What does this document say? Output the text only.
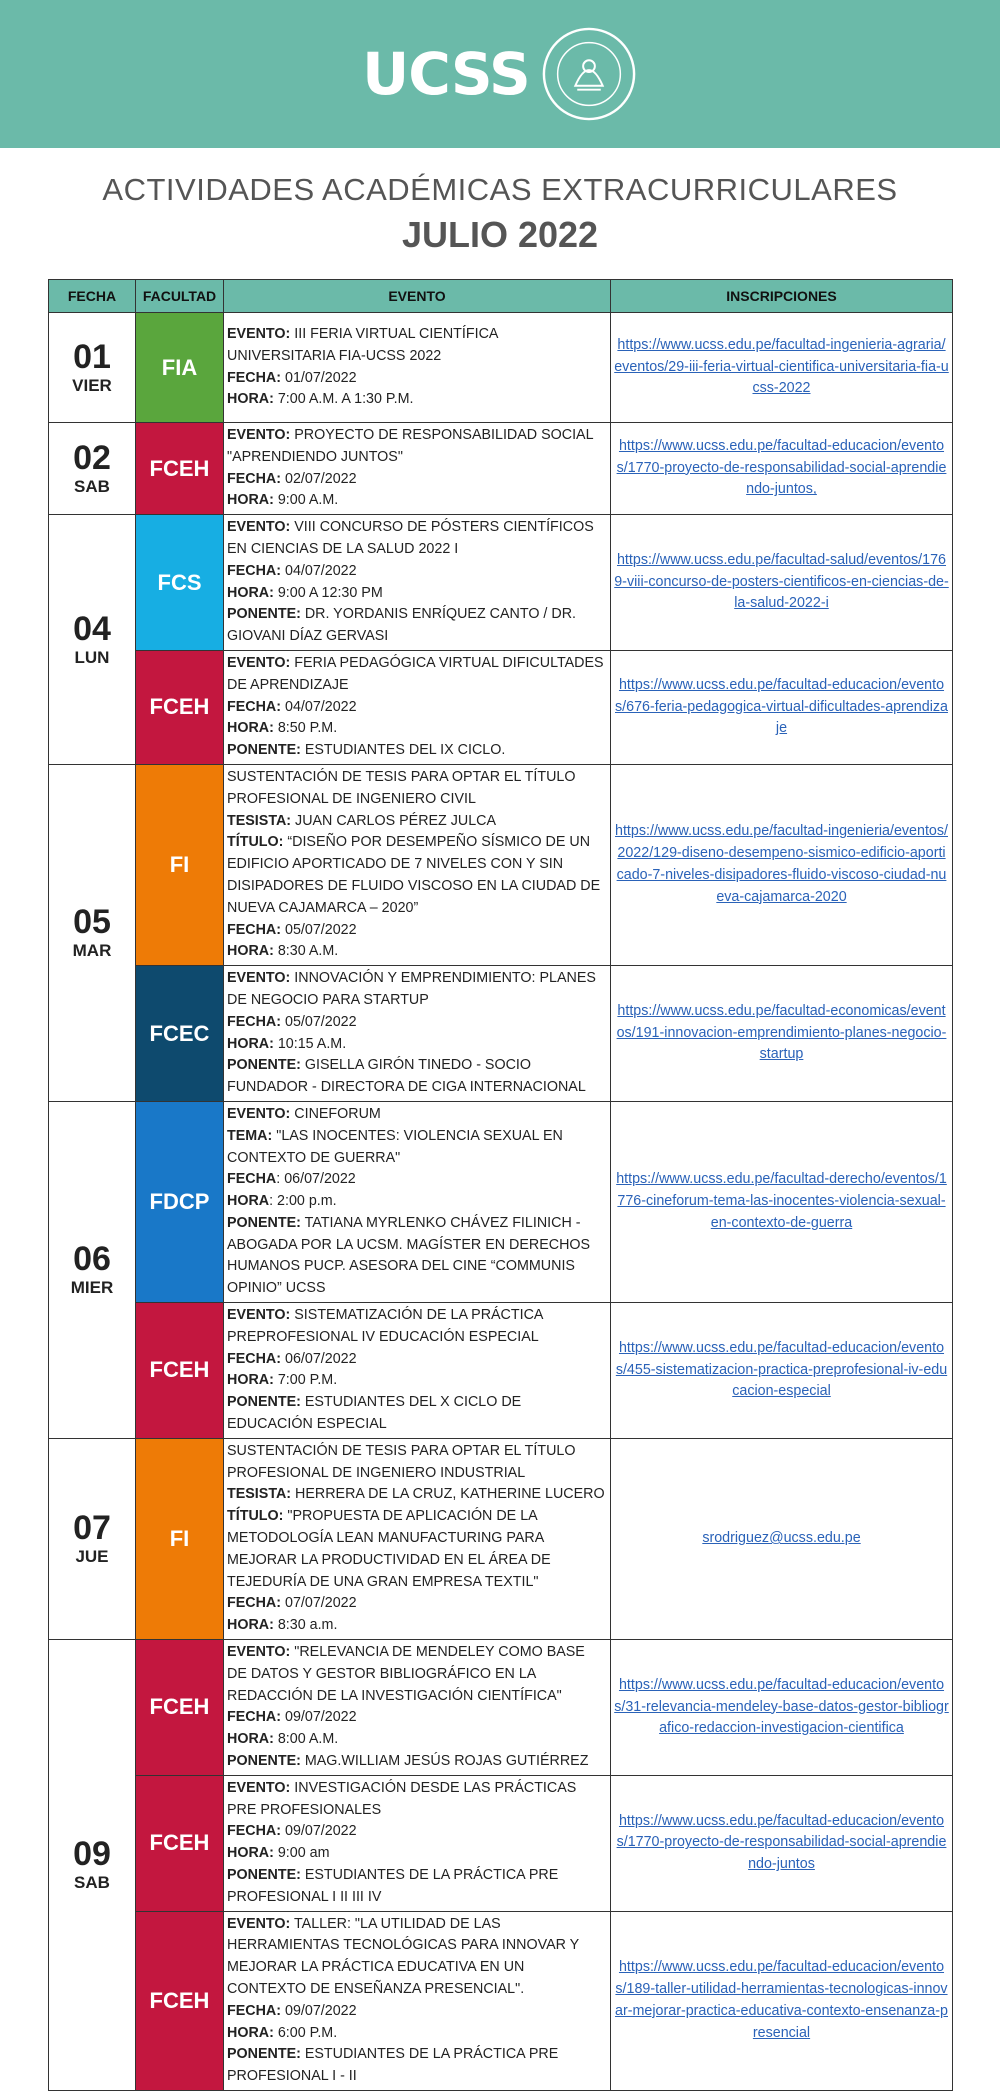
UCSS
ACTIVIDADES ACADÉMICAS EXTRACURRICULARES
JULIO 2022
FECHA	FACULTAD	EVENTO	INSCRIPCIONES

01
VIER	FIA	EVENTO: III FERIA VIRTUAL CIENTÍFICA UNIVERSITARIA FIA-UCSS 2022
FECHA: 01/07/2022
HORA: 7:00 A.M. A 1:30 P.M.	https://www.ucss.edu.pe/facultad-ingenieria-agraria/eventos/29-iii-feria-virtual-cientifica-universitaria-fia-ucss-2022

02
SAB	FCEH	EVENTO: PROYECTO DE RESPONSABILIDAD SOCIAL "APRENDIENDO JUNTOS"
FECHA: 02/07/2022
HORA: 9:00 A.M.	https://www.ucss.edu.pe/facultad-educacion/eventos/1770-proyecto-de-responsabilidad-social-aprendiendo-juntos,

04
LUN	FCS	EVENTO: VIII CONCURSO DE PÓSTERS CIENTÍFICOS EN CIENCIAS DE LA SALUD 2022 I
FECHA: 04/07/2022
HORA: 9:00 A 12:30 PM
PONENTE: DR. YORDANIS ENRÍQUEZ CANTO / DR. GIOVANI DÍAZ GERVASI	https://www.ucss.edu.pe/facultad-salud/eventos/1769-viii-concurso-de-posters-cientificos-en-ciencias-de-la-salud-2022-i
	FCEH	EVENTO: FERIA PEDAGÓGICA VIRTUAL DIFICULTADES DE APRENDIZAJE
FECHA: 04/07/2022
HORA: 8:50 P.M.
PONENTE: ESTUDIANTES DEL IX CICLO.	https://www.ucss.edu.pe/facultad-educacion/eventos/676-feria-pedagogica-virtual-dificultades-aprendizaje

05
MAR	FI	SUSTENTACIÓN DE TESIS PARA OPTAR EL TÍTULO PROFESIONAL DE INGENIERO CIVIL
TESISTA: JUAN CARLOS PÉREZ JULCA
TÍTULO: “DISEÑO POR DESEMPEÑO SÍSMICO DE UN EDIFICIO APORTICADO DE 7 NIVELES CON Y SIN DISIPADORES DE FLUIDO VISCOSO EN LA CIUDAD DE NUEVA CAJAMARCA – 2020”
FECHA: 05/07/2022
HORA: 8:30 A.M.	https://www.ucss.edu.pe/facultad-ingenieria/eventos/2022/129-diseno-desempeno-sismico-edificio-aporticado-7-niveles-disipadores-fluido-viscoso-ciudad-nueva-cajamarca-2020
	FCEC	EVENTO: INNOVACIÓN Y EMPRENDIMIENTO: PLANES DE NEGOCIO PARA STARTUP
FECHA: 05/07/2022
HORA: 10:15 A.M.
PONENTE: GISELLA GIRÓN TINEDO - SOCIO FUNDADOR - DIRECTORA DE CIGA INTERNACIONAL	https://www.ucss.edu.pe/facultad-economicas/eventos/191-innovacion-emprendimiento-planes-negocio-startup

06
MIER	FDCP	EVENTO: CINEFORUM
TEMA: "LAS INOCENTES: VIOLENCIA SEXUAL EN CONTEXTO DE GUERRA"
FECHA: 06/07/2022
HORA: 2:00 p.m.
PONENTE: TATIANA MYRLENKO CHÁVEZ FILINICH - ABOGADA POR LA UCSM. MAGÍSTER EN DERECHOS HUMANOS PUCP. ASESORA DEL CINE “COMMUNIS OPINIO” UCSS	https://www.ucss.edu.pe/facultad-derecho/eventos/1776-cineforum-tema-las-inocentes-violencia-sexual-en-contexto-de-guerra
	FCEH	EVENTO: SISTEMATIZACIÓN DE LA PRÁCTICA PREPROFESIONAL IV EDUCACIÓN ESPECIAL
FECHA: 06/07/2022
HORA: 7:00 P.M.
PONENTE: ESTUDIANTES DEL X CICLO DE EDUCACIÓN ESPECIAL	https://www.ucss.edu.pe/facultad-educacion/eventos/455-sistematizacion-practica-preprofesional-iv-educacion-especial

07
JUE	FI	SUSTENTACIÓN DE TESIS PARA OPTAR EL TÍTULO PROFESIONAL DE INGENIERO INDUSTRIAL
TESISTA: HERRERA DE LA CRUZ, KATHERINE LUCERO
TÍTULO: "PROPUESTA DE APLICACIÓN DE LA METODOLOGÍA LEAN MANUFACTURING PARA MEJORAR LA PRODUCTIVIDAD EN EL ÁREA DE TEJEDURÍA DE UNA GRAN EMPRESA TEXTIL"
FECHA: 07/07/2022
HORA: 8:30 a.m.	srodriguez@ucss.edu.pe

09
SAB	FCEH	EVENTO: "RELEVANCIA DE MENDELEY COMO BASE DE DATOS Y GESTOR BIBLIOGRÁFICO EN LA REDACCIÓN DE LA INVESTIGACIÓN CIENTÍFICA"
FECHA: 09/07/2022
HORA: 8:00 A.M.
PONENTE: MAG.WILLIAM JESÚS ROJAS GUTIÉRREZ	https://www.ucss.edu.pe/facultad-educacion/eventos/31-relevancia-mendeley-base-datos-gestor-bibliografico-redaccion-investigacion-cientifica
	FCEH	EVENTO: INVESTIGACIÓN DESDE LAS PRÁCTICAS PRE PROFESIONALES
FECHA: 09/07/2022
HORA: 9:00 am
PONENTE: ESTUDIANTES DE LA PRÁCTICA PRE PROFESIONAL I II III IV	https://www.ucss.edu.pe/facultad-educacion/eventos/1770-proyecto-de-responsabilidad-social-aprendiendo-juntos
	FCEH	EVENTO: TALLER: "LA UTILIDAD DE LAS HERRAMIENTAS TECNOLÓGICAS PARA INNOVAR Y MEJORAR LA PRÁCTICA EDUCATIVA EN UN CONTEXTO DE ENSEÑANZA PRESENCIAL".
FECHA: 09/07/2022
HORA: 6:00 P.M.
PONENTE: ESTUDIANTES DE LA PRÁCTICA PRE PROFESIONAL I - II	https://www.ucss.edu.pe/facultad-educacion/eventos/189-taller-utilidad-herramientas-tecnologicas-innovar-mejorar-practica-educativa-contexto-ensenanza-presencial
